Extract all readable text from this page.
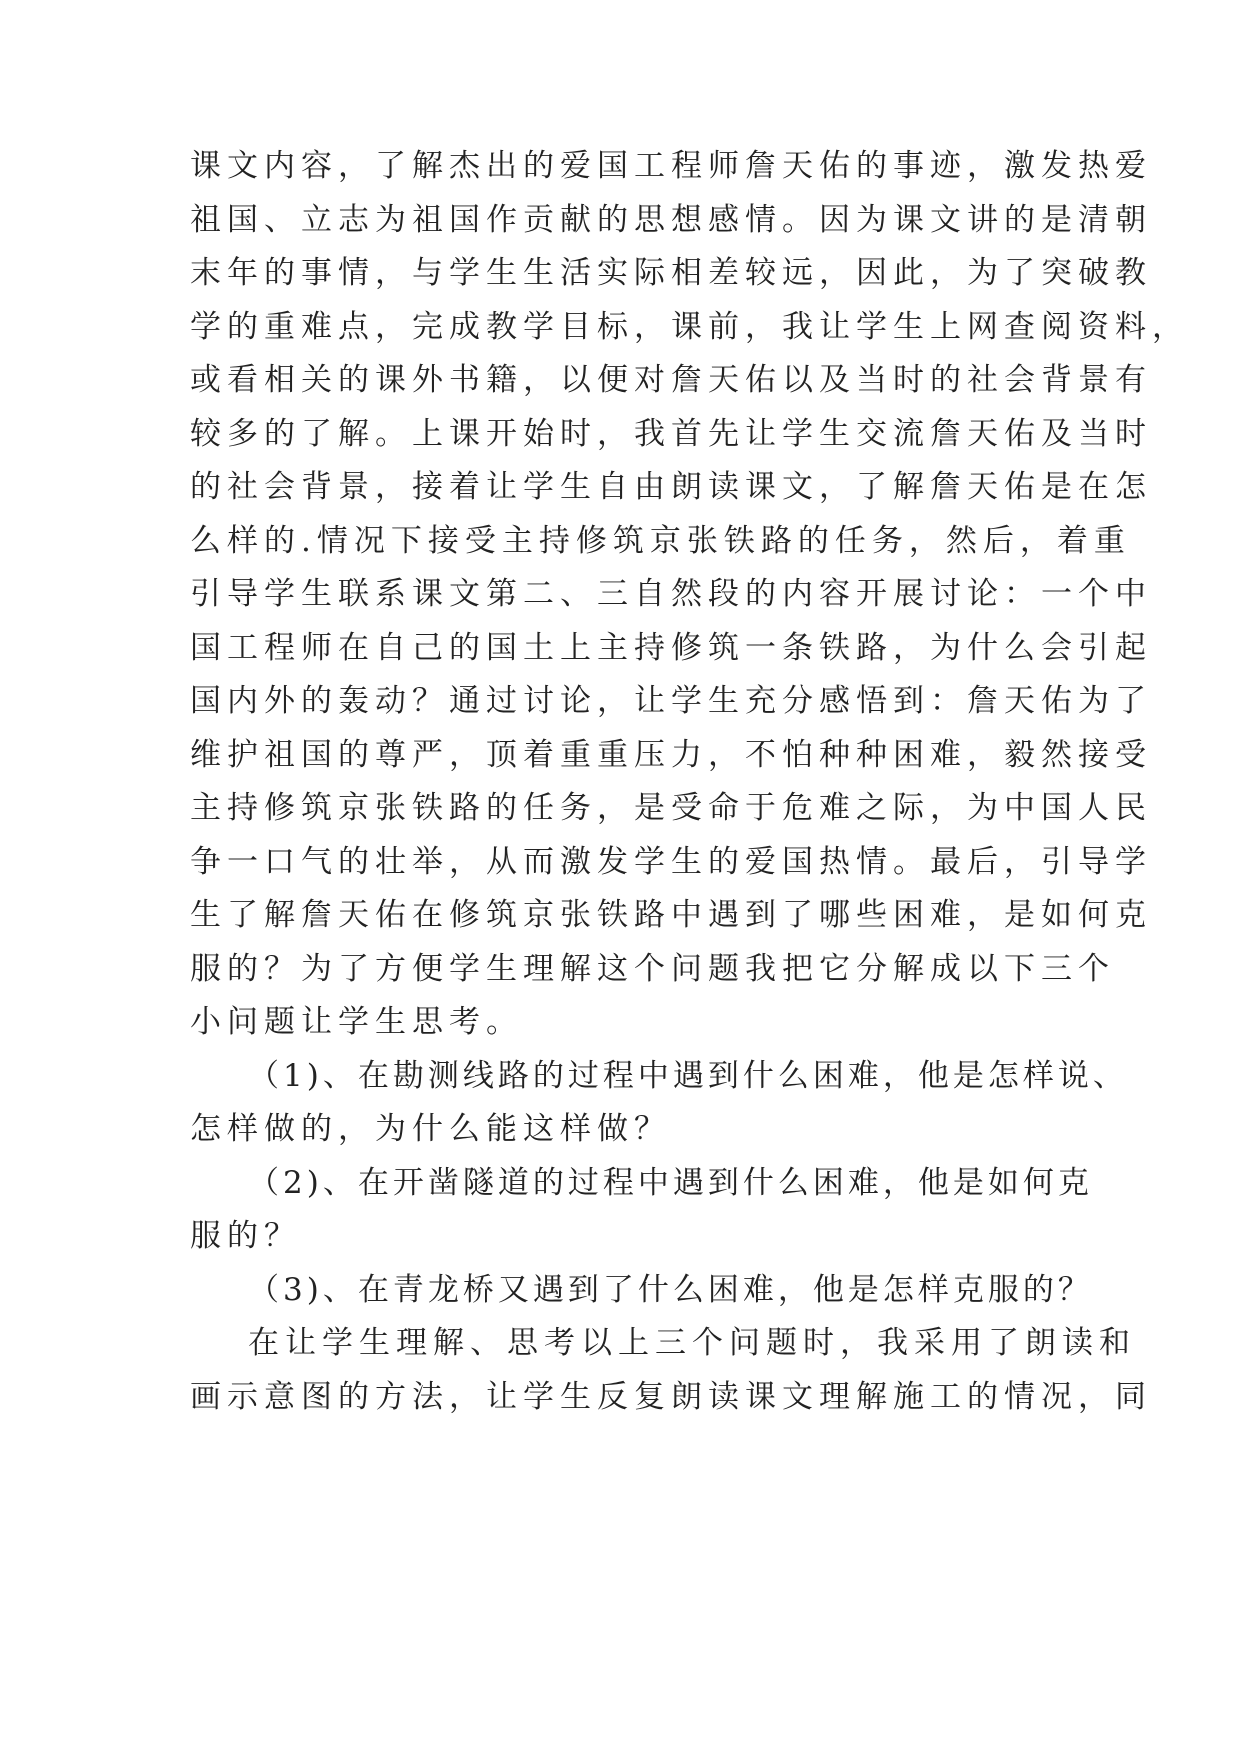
课文内容，了解杰出的爱国工程师詹天佑的事迹，激发热爱
祖国、立志为祖国作贡献的思想感情。因为课文讲的是清朝
末年的事情，与学生生活实际相差较远，因此，为了突破教
学的重难点，完成教学目标，课前，我让学生上网查阅资料，
或看相关的课外书籍，以便对詹天佑以及当时的社会背景有
较多的了解。上课开始时，我首先让学生交流詹天佑及当时
的社会背景，接着让学生自由朗读课文，了解詹天佑是在怎
么样的.情况下接受主持修筑京张铁路的任务，然后，着重
引导学生联系课文第二、三自然段的内容开展讨论：一个中
国工程师在自己的国土上主持修筑一条铁路，为什么会引起
国内外的轰动？通过讨论，让学生充分感悟到：詹天佑为了
维护祖国的尊严，顶着重重压力，不怕种种困难，毅然接受
主持修筑京张铁路的任务，是受命于危难之际，为中国人民
争一口气的壮举，从而激发学生的爱国热情。最后，引导学
生了解詹天佑在修筑京张铁路中遇到了哪些困难，是如何克
服的？为了方便学生理解这个问题我把它分解成以下三个
小问题让学生思考。
（1)、在勘测线路的过程中遇到什么困难，他是怎样说、
怎样做的，为什么能这样做？
（2)、在开凿隧道的过程中遇到什么困难，他是如何克
服的？
（3)、在青龙桥又遇到了什么困难，他是怎样克服的？
在让学生理解、思考以上三个问题时，我采用了朗读和
画示意图的方法，让学生反复朗读课文理解施工的情况，同
